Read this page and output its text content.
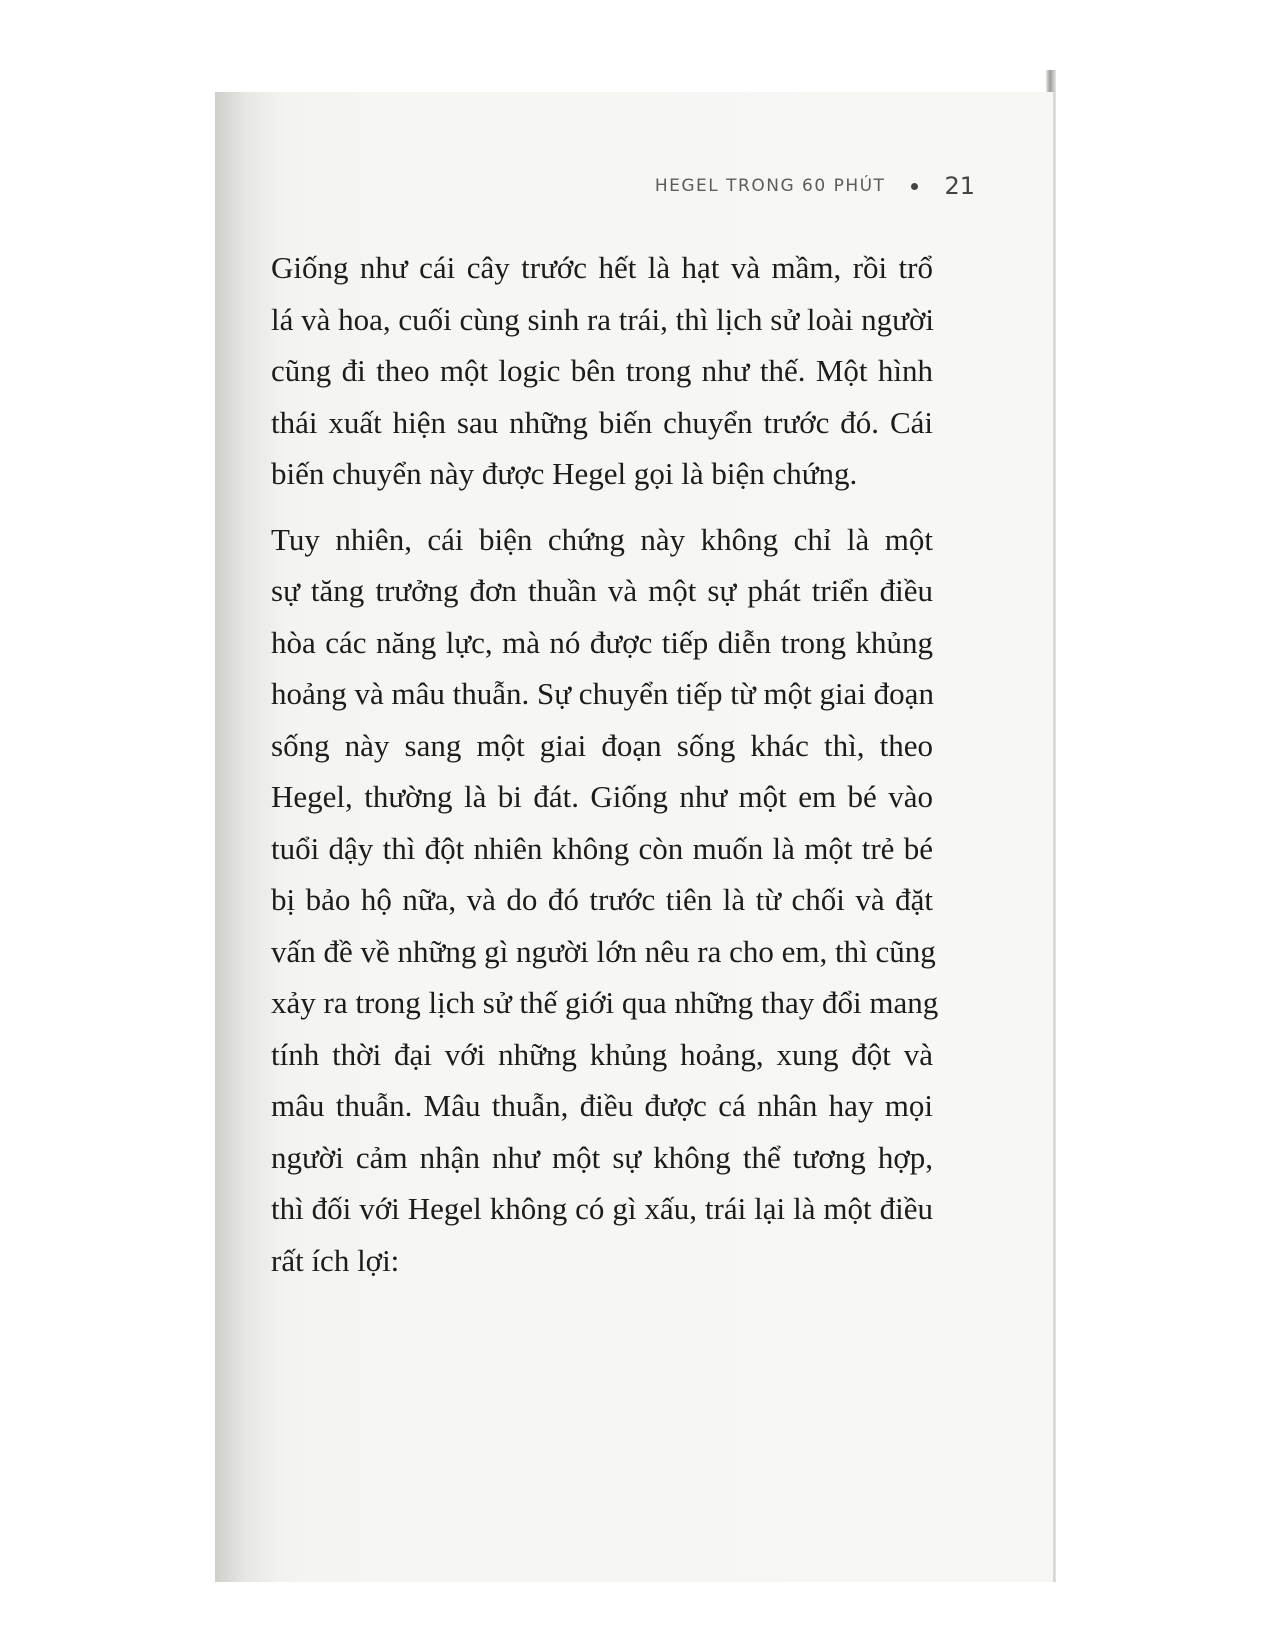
HEGEL TRONG 60 PHÚT 21

Giống như cái cây trước hết là hạt và mầm, rồi trổ
lá và hoa, cuối cùng sinh ra trái, thì lịch sử loài người
cũng đi theo một logic bên trong như thế. Một hình
thái xuất hiện sau những biến chuyển trước đó. Cái
biến chuyển này được Hegel gọi là biện chứng.

Tuy nhiên, cái biện chứng này không chỉ là một
sự tăng trưởng đơn thuần và một sự phát triển điều
hòa các năng lực, mà nó được tiếp diễn trong khủng
hoảng và mâu thuẫn. Sự chuyển tiếp từ một giai đoạn
sống này sang một giai đoạn sống khác thì, theo
Hegel, thường là bi đát. Giống như một em bé vào
tuổi dậy thì đột nhiên không còn muốn là một trẻ bé
bị bảo hộ nữa, và do đó trước tiên là từ chối và đặt
vấn đề về những gì người lớn nêu ra cho em, thì cũng
xảy ra trong lịch sử thế giới qua những thay đổi mang
tính thời đại với những khủng hoảng, xung đột và
mâu thuẫn. Mâu thuẫn, điều được cá nhân hay mọi
người cảm nhận như một sự không thể tương hợp,
thì đối với Hegel không có gì xấu, trái lại là một điều
rất ích lợi:
